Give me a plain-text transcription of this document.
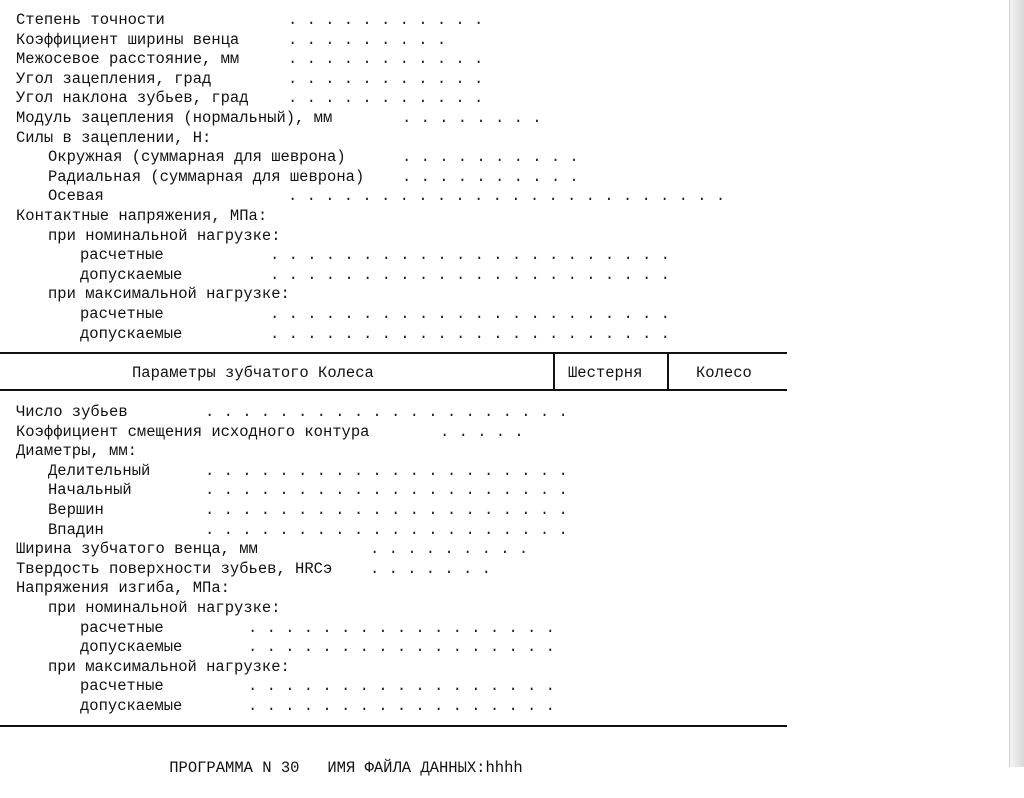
Степень точности	. . . . . . . . . . .
Коэффициент ширины венца	. . . . . . . . .
Межосевое расстояние, мм	. . . . . . . . . . .
Угол зацепления, град	. . . . . . . . . . .
Угол наклона зубьев, град	. . . . . . . . . . .
Модуль зацепления (нормальный), мм	. . . . . . . .
Силы в зацеплении, Н:
Окружная (суммарная для шеврона)	. . . . . . . . . .
Радиальная (суммарная для шеврона) . . . . . . . . . .
Осевая	. . . . . . . . . . . . . . . . . . . . . . . .
Контактные напряжения, МПа:
при номинальной нагрузке:
расчетные	. . . . . . . . . . . . . . . . . . . . . .
допускаемые	. . . . . . . . . . . . . . . . . . . . . .
при максимальной нагрузке:
расчетные	. . . . . . . . . . . . . . . . . . . . . .
допускаемые	. . . . . . . . . . . . . . . . . . . . . .
Параметры зубчатого Колеса	Шестерня	Колесо
Число зубьев	. . . . . . . . . . . . . . . . . . . .
Коэффициент смещения исходного контура	. . . . .
Диаметры, мм:
Делительный	. . . . . . . . . . . . . . . . . . . .
Начальный	. . . . . . . . . . . . . . . . . . . .
Вершин	. . . . . . . . . . . . . . . . . . . .
Впадин	. . . . . . . . . . . . . . . . . . . .
Ширина зубчатого венца, мм	. . . . . . . . .
Твердость поверхности зубьев, HRCэ . . . . . . .
Напряжения изгиба, МПа:
при номинальной нагрузке:
расчетные	. . . . . . . . . . . . . . . . .
допускаемые	. . . . . . . . . . . . . . . . .
при максимальной нагрузке:
расчетные	. . . . . . . . . . . . . . . . .
допускаемые	. . . . . . . . . . . . . . . . .

ПРОГРАММА N 30 ИМЯ ФАЙЛА ДАННЫХ:hhhh
